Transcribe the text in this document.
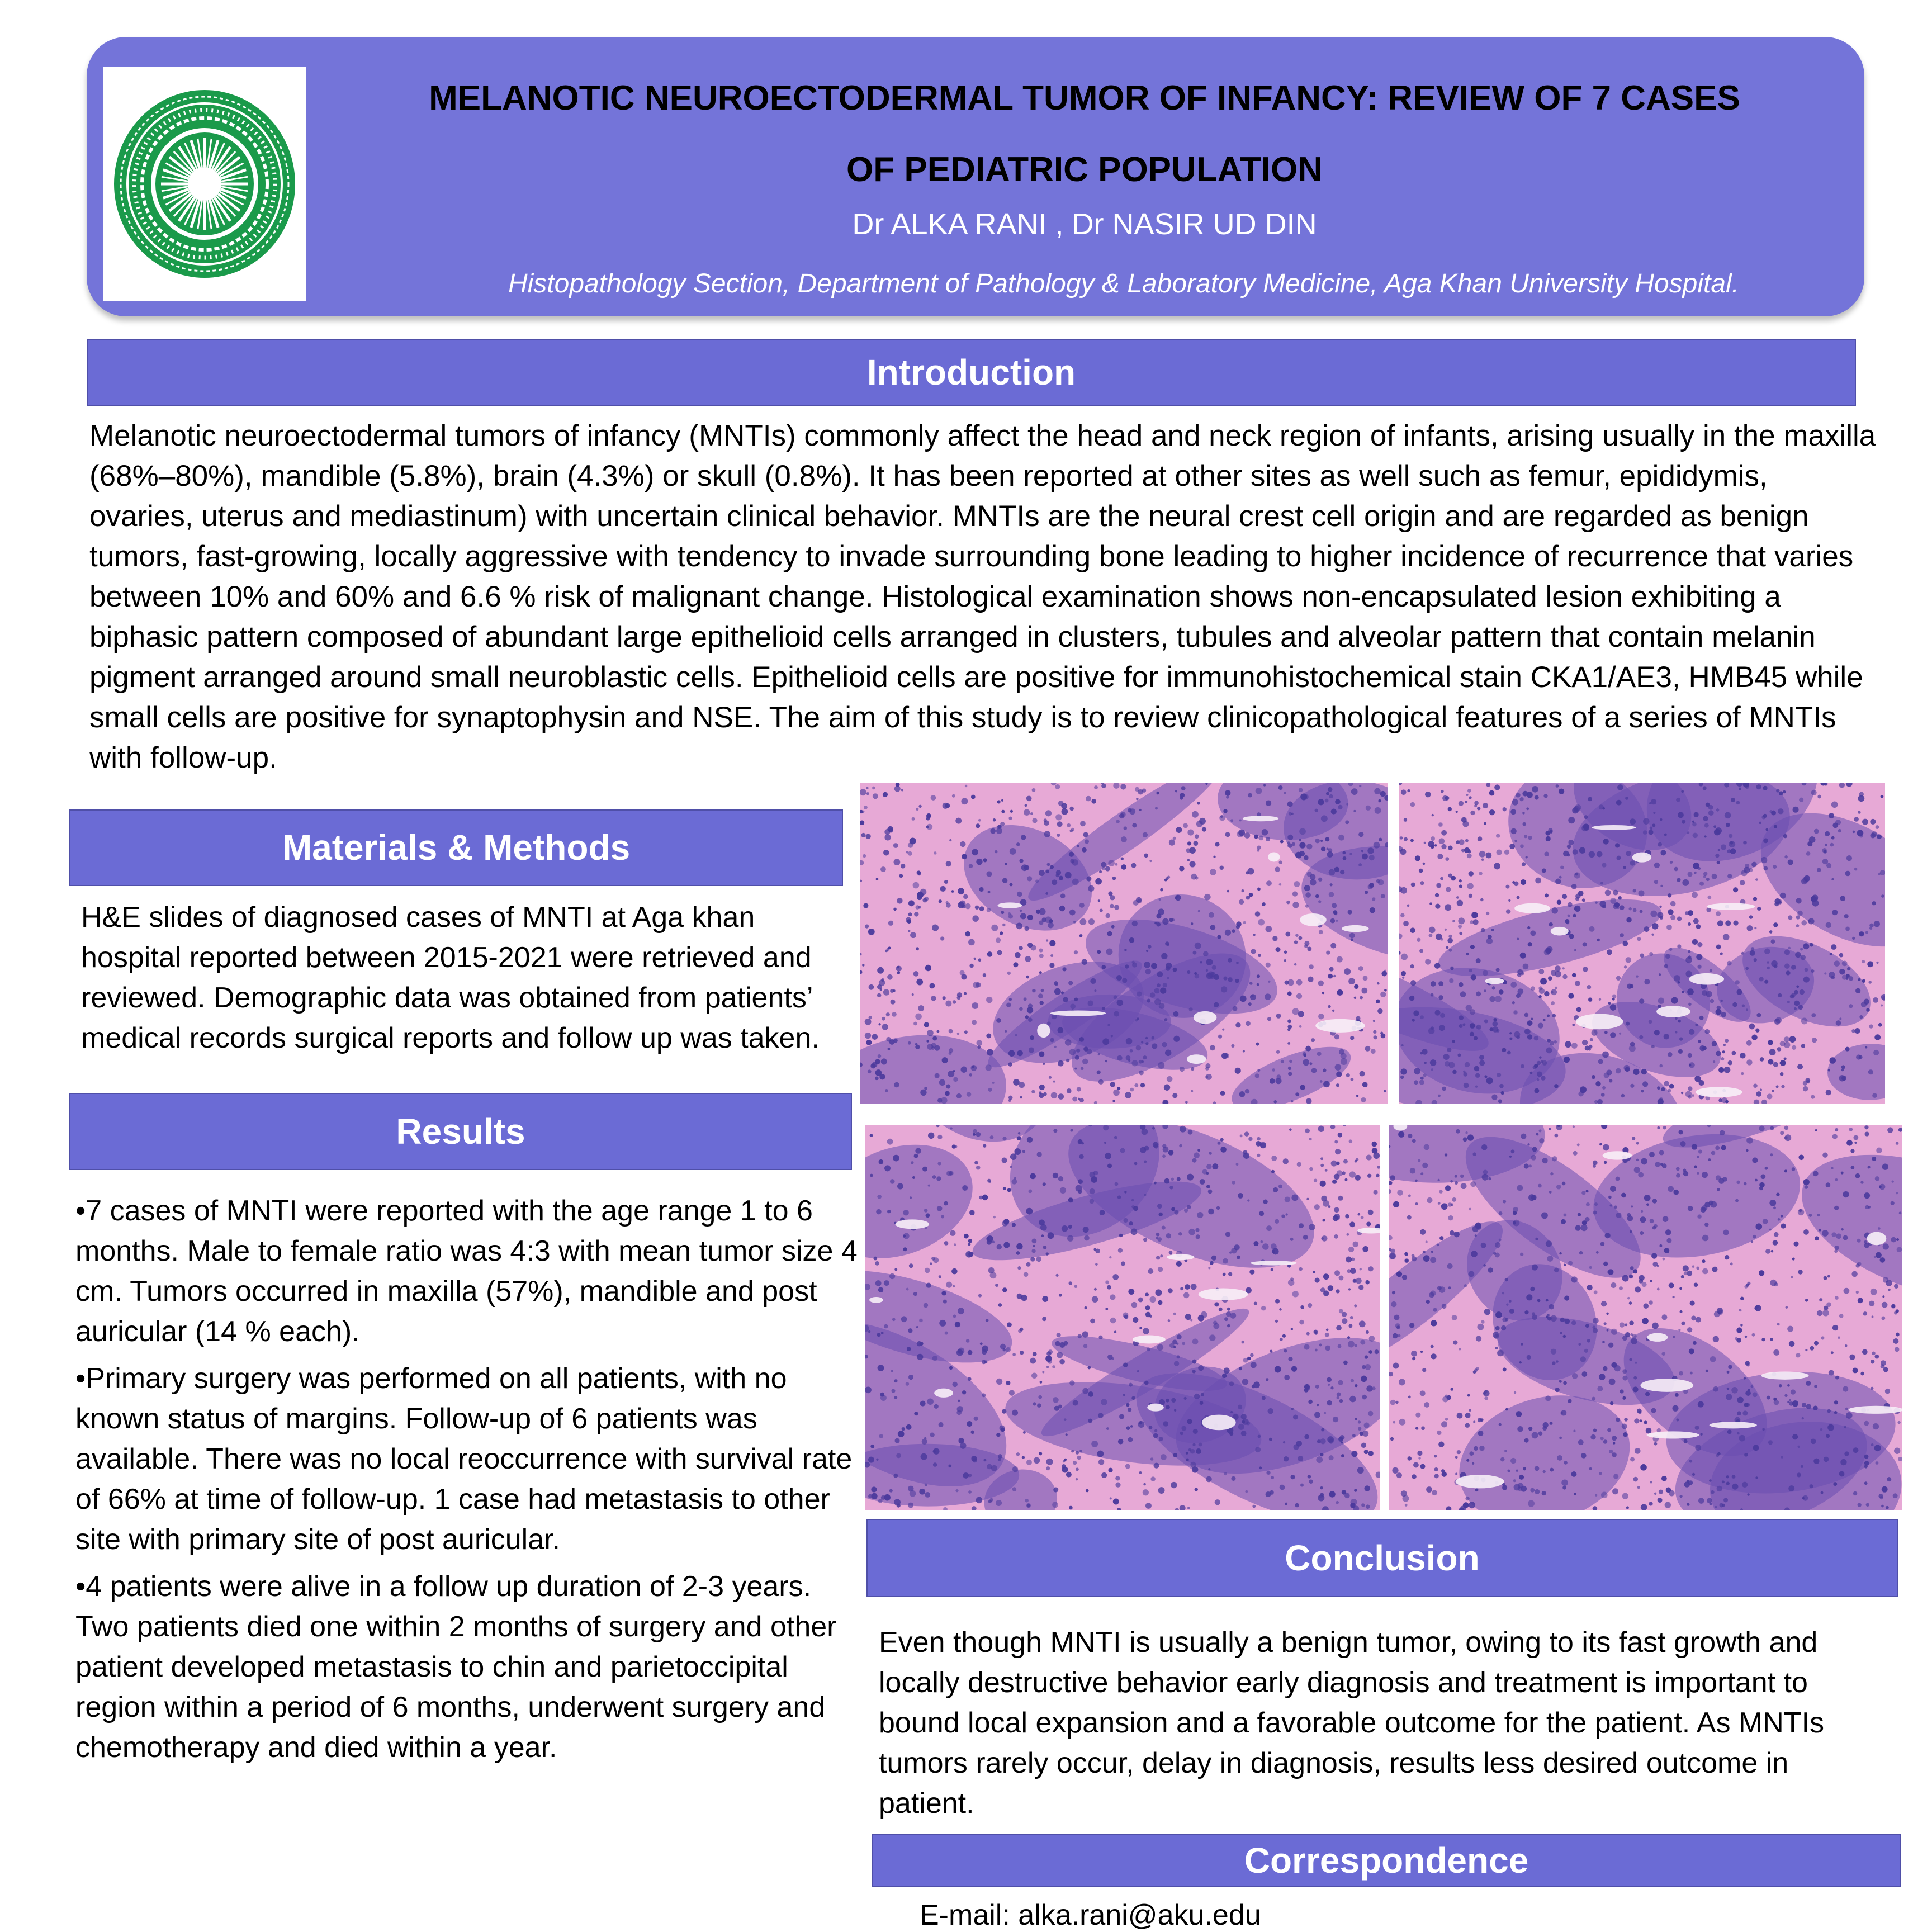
MELANOTIC NEUROECTODERMAL TUMOR OF INFANCY: REVIEW OF 7 CASES
OF PEDIATRIC POPULATION
Dr ALKA RANI , Dr NASIR UD DIN
Histopathology Section, Department of Pathology & Laboratory Medicine, Aga Khan University Hospital.
Introduction
Melanotic neuroectodermal tumors of infancy (MNTIs) commonly affect the head and neck region of infants, arising usually in the maxilla (68%–80%), mandible (5.8%), brain (4.3%) or skull (0.8%). It has been reported at other sites as well such as femur, epididymis, ovaries, uterus and mediastinum) with uncertain clinical behavior. MNTIs are the neural crest cell origin and are regarded as benign tumors, fast-growing, locally aggressive with tendency to invade surrounding bone leading to higher incidence of recurrence that varies between 10% and 60% and 6.6 % risk of malignant change. Histological examination shows non-encapsulated lesion exhibiting a biphasic pattern composed of abundant large epithelioid cells arranged in clusters, tubules and alveolar pattern that contain melanin pigment arranged around small neuroblastic cells. Epithelioid cells are positive for immunohistochemical stain CKA1/AE3, HMB45 while small cells are positive for synaptophysin and NSE. The aim of this study is to review clinicopathological features of a series of MNTIs with follow-up.
Materials & Methods
H&E slides of diagnosed cases of MNTI at Aga khan hospital reported between 2015-2021 were retrieved and reviewed. Demographic data was obtained from patients’ medical records surgical reports and follow up was taken.
Results
•7 cases of MNTI were reported with the age range 1 to 6 months. Male to female ratio was 4:3 with mean tumor size 4 cm. Tumors occurred in maxilla (57%), mandible and post auricular (14 % each).
•Primary surgery was performed on all patients, with no known status of margins. Follow-up of 6 patients was available. There was no local reoccurrence with survival rate of 66% at time of follow-up. 1 case had metastasis to other site with primary site of post auricular.
•4 patients were alive in a follow up duration of 2-3 years. Two patients died one within 2 months of surgery and other patient developed metastasis to chin and parietoccipital region within a period of 6 months, underwent surgery and chemotherapy and died within a year.
Conclusion
Even though MNTI is usually a benign tumor, owing to its fast growth and locally destructive behavior early diagnosis and treatment is important to bound local expansion and a favorable outcome for the patient. As MNTIs tumors rarely occur, delay in diagnosis, results less desired outcome in patient.
Correspondence
E-mail: alka.rani@aku.edu
